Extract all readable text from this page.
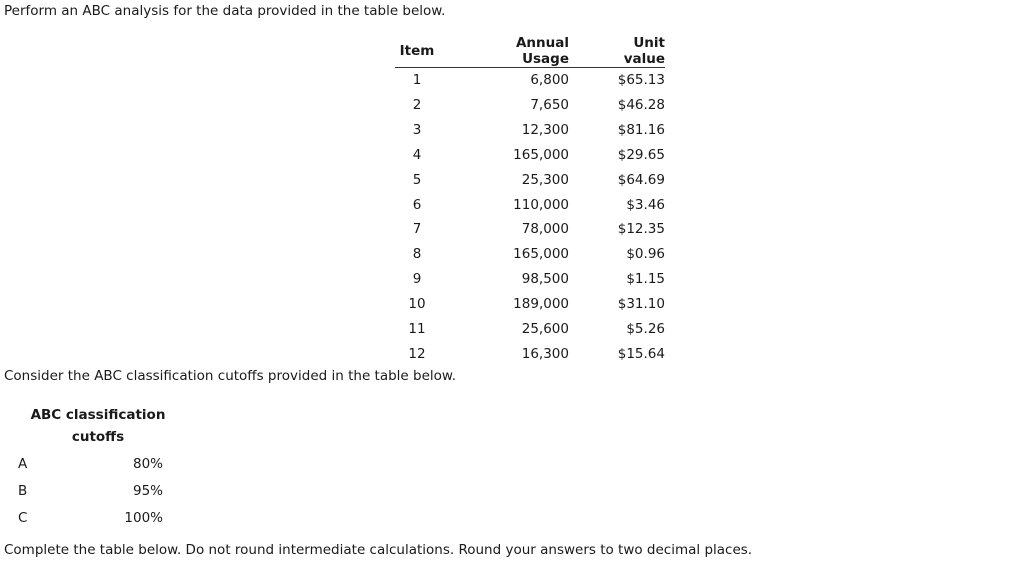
Perform an ABC analysis for the data provided in the table below.
Item		Annual Usage		Unit value
1		6,800		$65.13
2		7,650		$46.28
3		12,300		$81.16
4		165,000		$29.65
5		25,300		$64.69
6		110,000		$3.46
7		78,000		$12.35
8		165,000		$0.96
9		98,500		$1.15
10		189,000		$31.10
11		25,600		$5.26
12		16,300		$15.64
Consider the ABC classification cutoffs provided in the table below.
ABC classification cutoffs
A	80%
B	95%
C	100%
Complete the table below. Do not round intermediate calculations. Round your answers to two decimal places.
